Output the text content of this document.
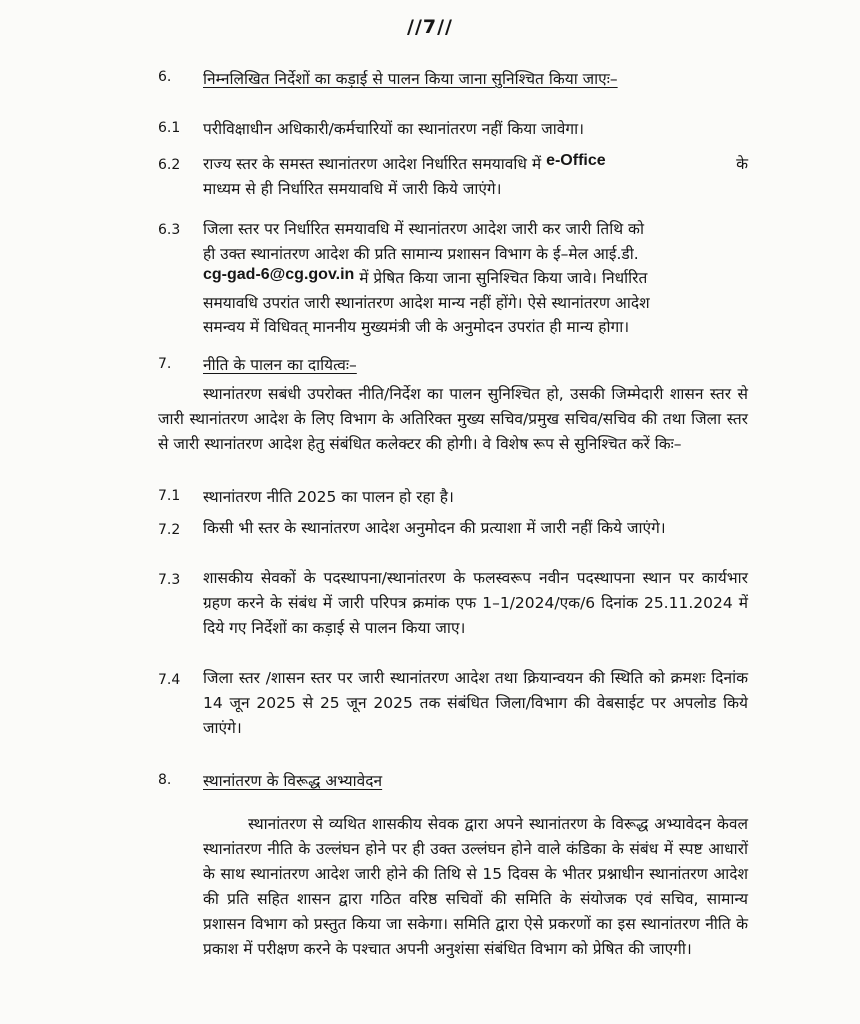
//7//
6. निम्नलिखित निर्देशों का कड़ाई से पालन किया जाना सुनिश्चित किया जाएः–
6.1 परीविक्षाधीन अधिकारी/कर्मचारियों का स्थानांतरण नहीं किया जावेगा।
6.2 राज्य स्तर के समस्त स्थानांतरण आदेश निर्धारित समयावधि में e-Office	के
माध्यम से ही निर्धारित समयावधि में जारी किये जाएंगे।
6.3 जिला स्तर पर निर्धारित समयावधि में स्थानांतरण आदेश जारी कर जारी तिथि को
ही उक्त स्थानांतरण आदेश की प्रति सामान्य प्रशासन विभाग के ई–मेल आई.डी.
cg-gad-6@cg.gov.in में प्रेषित किया जाना सुनिश्चित किया जावे। निर्धारित
समयावधि उपरांत जारी स्थानांतरण आदेश मान्य नहीं होंगे। ऐसे स्थानांतरण आदेश
समन्वय में विधिवत् माननीय मुख्यमंत्री जी के अनुमोदन उपरांत ही मान्य होगा।
7. नीति के पालन का दायित्वः–
स्थानांतरण सबंधी उपरोक्त नीति/निर्देश का पालन सुनिश्चित हो, उसकी जिम्मेदारी शासन स्तर से जारी स्थानांतरण आदेश के लिए विभाग के अतिरिक्त मुख्य सचिव/प्रमुख सचिव/सचिव की तथा जिला स्तर से जारी स्थानांतरण आदेश हेतु संबंधित कलेक्टर की होगी। वे विशेष रूप से सुनिश्चित करें किः–
7.1 स्थानांतरण नीति 2025 का पालन हो रहा है।
7.2 किसी भी स्तर के स्थानांतरण आदेश अनुमोदन की प्रत्याशा में जारी नहीं किये जाएंगे।
7.3 शासकीय सेवकों के पदस्थापना/स्थानांतरण के फलस्वरूप नवीन पदस्थापना स्थान पर कार्यभार ग्रहण करने के संबंध में जारी परिपत्र क्रमांक एफ 1–1/2024/एक/6 दिनांक 25.11.2024 में दिये गए निर्देशों का कड़ाई से पालन किया जाए।
7.4 जिला स्तर /शासन स्तर पर जारी स्थानांतरण आदेश तथा क्रियान्वयन की स्थिति को क्रमशः दिनांक 14 जून 2025 से 25 जून 2025 तक संबंधित जिला/विभाग की वेबसाईट पर अपलोड किये जाएंगे।
8. स्थानांतरण के विरूद्ध अभ्यावेदन
स्थानांतरण से व्यथित शासकीय सेवक द्वारा अपने स्थानांतरण के विरूद्ध अभ्यावेदन केवल स्थानांतरण नीति के उल्लंघन होने पर ही उक्त उल्लंघन होने वाले कंडिका के संबंध में स्पष्ट आधारों के साथ स्थानांतरण आदेश जारी होने की तिथि से 15 दिवस के भीतर प्रश्नाधीन स्थानांतरण आदेश की प्रति सहित शासन द्वारा गठित वरिष्ठ सचिवों की समिति के संयोजक एवं सचिव, सामान्य प्रशासन विभाग को प्रस्तुत किया जा सकेगा। समिति द्वारा ऐसे प्रकरणों का इस स्थानांतरण नीति के प्रकाश में परीक्षण करने के पश्चात अपनी अनुशंसा संबंधित विभाग को प्रेषित की जाएगी।
